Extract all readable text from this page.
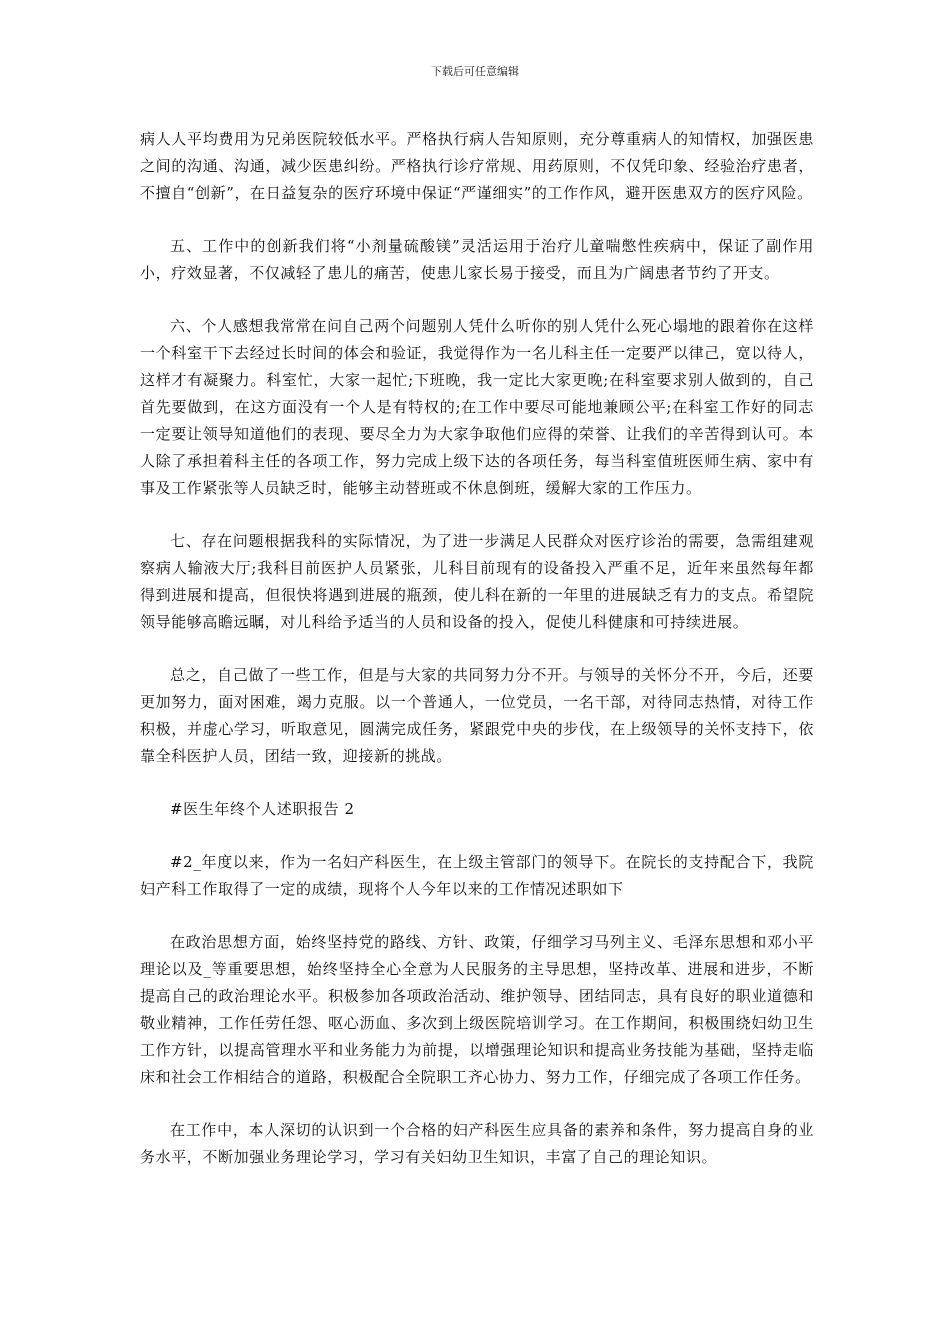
下载后可任意编辑

病人人平均费用为兄弟医院较低水平。严格执行病人告知原则，充分尊重病人的知情权，加强医患之间的沟通、沟通，减少医患纠纷。严格执行诊疗常规、用药原则，不仅凭印象、经验治疗患者，不擅自“创新”，在日益复杂的医疗环境中保证“严谨细实”的工作作风，避开医患双方的医疗风险。

五、工作中的创新我们将“小剂量硫酸镁”灵活运用于治疗儿童喘憋性疾病中，保证了副作用小，疗效显著，不仅减轻了患儿的痛苦，使患儿家长易于接受，而且为广阔患者节约了开支。

六、个人感想我常常在问自己两个问题别人凭什么听你的别人凭什么死心塌地的跟着你在这样一个科室干下去经过长时间的体会和验证，我觉得作为一名儿科主任一定要严以律己，宽以待人，这样才有凝聚力。科室忙，大家一起忙;下班晚，我一定比大家更晚;在科室要求别人做到的，自己首先要做到，在这方面没有一个人是有特权的;在工作中要尽可能地兼顾公平;在科室工作好的同志一定要让领导知道他们的表现、要尽全力为大家争取他们应得的荣誉、让我们的辛苦得到认可。本人除了承担着科主任的各项工作，努力完成上级下达的各项任务，每当科室值班医师生病、家中有事及工作紧张等人员缺乏时，能够主动替班或不休息倒班，缓解大家的工作压力。

七、存在问题根据我科的实际情况，为了进一步满足人民群众对医疗诊治的需要，急需组建观察病人输液大厅;我科目前医护人员紧张，儿科目前现有的设备投入严重不足，近年来虽然每年都得到进展和提高，但很快将遇到进展的瓶颈，使儿科在新的一年里的进展缺乏有力的支点。希望院领导能够高瞻远瞩，对儿科给予适当的人员和设备的投入，促使儿科健康和可持续进展。

总之，自己做了一些工作，但是与大家的共同努力分不开。与领导的关怀分不开，今后，还要更加努力，面对困难，竭力克服。以一个普通人，一位党员，一名干部，对待同志热情，对待工作积极，并虚心学习，听取意见，圆满完成任务，紧跟党中央的步伐，在上级领导的关怀支持下，依靠全科医护人员，团结一致，迎接新的挑战。

#医生年终个人述职报告 2

#2_年度以来，作为一名妇产科医生，在上级主管部门的领导下。在院长的支持配合下，我院妇产科工作取得了一定的成绩，现将个人今年以来的工作情况述职如下

在政治思想方面，始终坚持党的路线、方针、政策，仔细学习马列主义、毛泽东思想和邓小平理论以及_等重要思想，始终坚持全心全意为人民服务的主导思想，坚持改革、进展和进步，不断提高自己的政治理论水平。积极参加各项政治活动、维护领导、团结同志，具有良好的职业道德和敬业精神，工作任劳任怨、呕心沥血、多次到上级医院培训学习。在工作期间，积极围绕妇幼卫生工作方针，以提高管理水平和业务能力为前提，以增强理论知识和提高业务技能为基础，坚持走临床和社会工作相结合的道路，积极配合全院职工齐心协力、努力工作，仔细完成了各项工作任务。

在工作中，本人深切的认识到一个合格的妇产科医生应具备的素养和条件，努力提高自身的业务水平，不断加强业务理论学习，学习有关妇幼卫生知识，丰富了自己的理论知识。
